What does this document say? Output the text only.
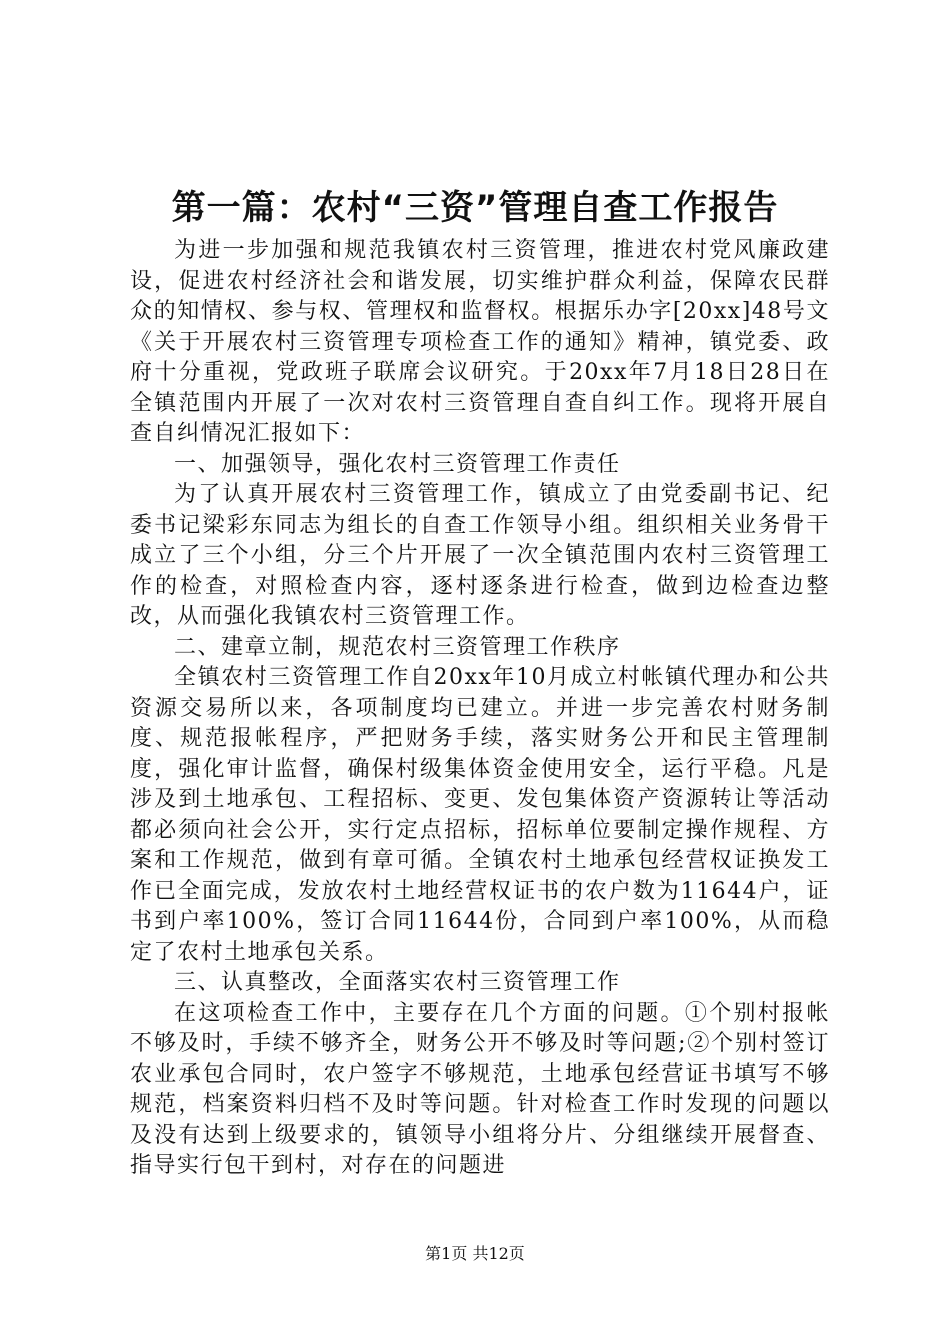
第一篇：农村“三资”管理自查工作报告

为进一步加强和规范我镇农村三资管理，推进农村党风廉政建设，促进农村经济社会和谐发展，切实维护群众利益，保障农民群众的知情权、参与权、管理权和监督权。根据乐办字[20xx]48号文《关于开展农村三资管理专项检查工作的通知》精神，镇党委、政府十分重视，党政班子联席会议研究。于20xx年7月18日28日在全镇范围内开展了一次对农村三资管理自查自纠工作。现将开展自查自纠情况汇报如下：

一、加强领导，强化农村三资管理工作责任

为了认真开展农村三资管理工作，镇成立了由党委副书记、纪委书记梁彩东同志为组长的自查工作领导小组。组织相关业务骨干成立了三个小组，分三个片开展了一次全镇范围内农村三资管理工作的检查，对照检查内容，逐村逐条进行检查，做到边检查边整改，从而强化我镇农村三资管理工作。

二、建章立制，规范农村三资管理工作秩序

全镇农村三资管理工作自20xx年10月成立村帐镇代理办和公共资源交易所以来，各项制度均已建立。并进一步完善农村财务制度、规范报帐程序，严把财务手续，落实财务公开和民主管理制度，强化审计监督，确保村级集体资金使用安全，运行平稳。凡是涉及到土地承包、工程招标、变更、发包集体资产资源转让等活动都必须向社会公开，实行定点招标，招标单位要制定操作规程、方案和工作规范，做到有章可循。全镇农村土地承包经营权证换发工作已全面完成，发放农村土地经营权证书的农户数为11644户，证书到户率100%，签订合同11644份，合同到户率100%，从而稳定了农村土地承包关系。

三、认真整改，全面落实农村三资管理工作

在这项检查工作中，主要存在几个方面的问题。①个别村报帐不够及时，手续不够齐全，财务公开不够及时等问题;②个别村签订农业承包合同时，农户签字不够规范，土地承包经营证书填写不够规范，档案资料归档不及时等问题。针对检查工作时发现的问题以及没有达到上级要求的，镇领导小组将分片、分组继续开展督查、指导实行包干到村，对存在的问题进

第1页 共12页
